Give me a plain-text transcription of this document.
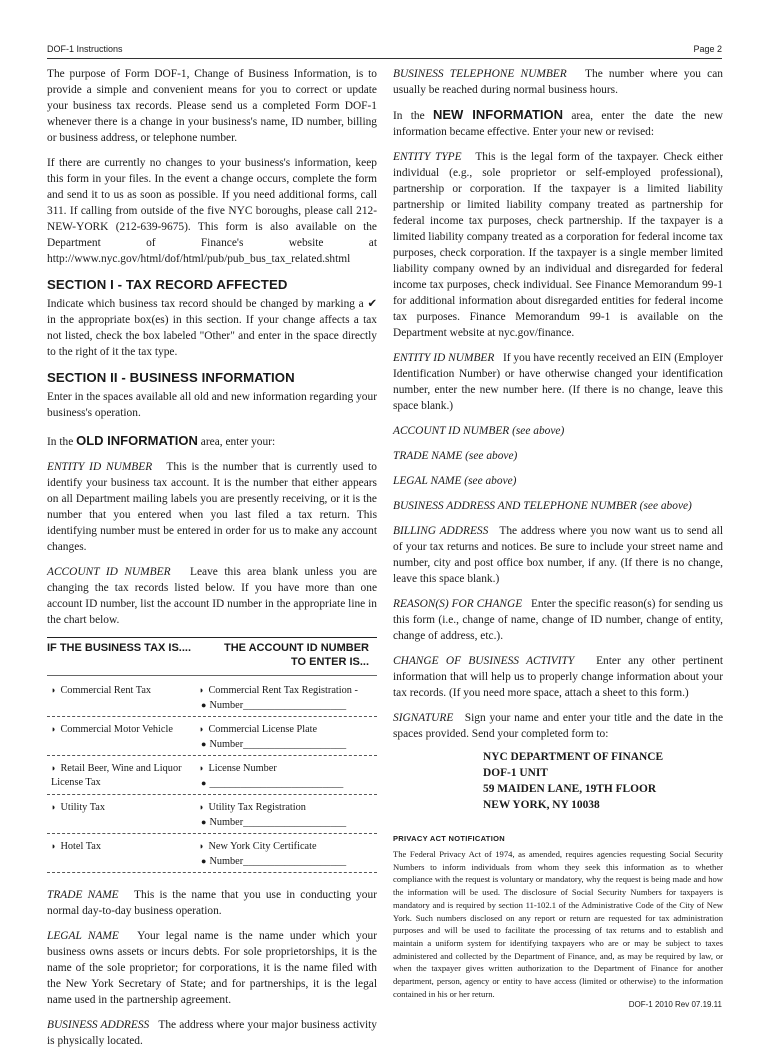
DOF-1 Instructions	Page 2

The purpose of Form DOF-1, Change of Business Information, is to provide a simple and convenient means for you to correct or update your business tax records. Please send us a completed Form DOF-1 whenever there is a change in your business's name, ID number, billing or business address, or telephone number.

If there are currently no changes to your business's information, keep this form in your files. In the event a change occurs, complete the form and send it to us as soon as possible. If you need additional forms, call 311. If calling from outside of the five NYC boroughs, please call 212-NEW-YORK (212-639-9675). This form is also available on the Department of Finance's website at http://www.nyc.gov/html/dof/html/pub/pub_bus_tax_related.shtml

SECTION I - TAX RECORD AFFECTED

Indicate which business tax record should be changed by marking a ✔ in the appropriate box(es) in this section. If your change affects a tax not listed, check the box labeled "Other" and enter in the space directly to the right of it the tax type.

SECTION II - BUSINESS INFORMATION

Enter in the spaces available all old and new information regarding your business's operation.

In the OLD INFORMATION area, enter your:

ENTITY ID NUMBER This is the number that is currently used to identify your business tax account. It is the number that either appears on all Department mailing labels you are presently receiving, or it is the number that you entered when you last filed a tax return. This identifying number must be entered in order for us to make any account changes.

ACCOUNT ID NUMBER Leave this area blank unless you are changing the tax records listed below. If you have more than one account ID number, list the account ID number in the appropriate line in the chart below.

IF THE BUSINESS TAX IS....	THE ACCOUNT ID NUMBER
TO ENTER IS...
◗ Commercial Rent Tax	◗ Commercial Rent Tax Registration -
● Number____________________
◗ Commercial Motor Vehicle	◗ Commercial License Plate
● Number____________________
◗ Retail Beer, Wine and Liquor License Tax
◗ License Number
● __________________________
◗ Utility Tax	◗ Utility Tax Registration
● Number____________________
◗ Hotel Tax	◗ New York City Certificate
● Number____________________

TRADE NAME This is the name that you use in conducting your normal day-to-day business operation.

LEGAL NAME Your legal name is the name under which your business owns assets or incurs debts. For sole proprietorships, it is the name of the sole proprietor; for corporations, it is the name filed with the New York Secretary of State; and for partnerships, it is the legal name used in the partnership agreement.

BUSINESS ADDRESS The address where your major business activity is physically located.

BUSINESS TELEPHONE NUMBER The number where you can usually be reached during normal business hours.

In the NEW INFORMATION area, enter the date the new information became effective. Enter your new or revised:

ENTITY TYPE This is the legal form of the taxpayer. Check either individual (e.g., sole proprietor or self-employed professional), partnership or corporation. If the taxpayer is a limited liability partnership or limited liability company treated as partnership for federal income tax purposes, check partnership. If the taxpayer is a limited liability company treated as a corporation for federal income tax purposes, check corporation. If the taxpayer is a single member limited liability company owned by an individual and disregarded for federal income tax purposes, check individual. See Finance Memorandum 99-1 for additional information about disregarded entities for federal income tax purposes. Finance Memorandum 99-1 is available on the Department website at nyc.gov/finance.

ENTITY ID NUMBER If you have recently received an EIN (Employer Identification Number) or have otherwise changed your identification number, enter the new number here. (If there is no change, leave this space blank.)

ACCOUNT ID NUMBER (see above)

TRADE NAME (see above)

LEGAL NAME (see above)

BUSINESS ADDRESS AND TELEPHONE NUMBER (see above)

BILLING ADDRESS The address where you now want us to send all of your tax returns and notices. Be sure to include your street name and number, city and post office box number, if any. (If there is no change, leave this space blank.)

REASON(S) FOR CHANGE Enter the specific reason(s) for sending us this form (i.e., change of name, change of ID number, change of entity, change of address, etc.).

CHANGE OF BUSINESS ACTIVITY Enter any other pertinent information that will help us to properly change information about your tax records. (If you need more space, attach a sheet to this form.)

SIGNATURE Sign your name and enter your title and the date in the spaces provided. Send your completed form to:

NYC DEPARTMENT OF FINANCE
DOF-1 UNIT
59 MAIDEN LANE, 19TH FLOOR
NEW YORK, NY 10038
PRIVACY ACT NOTIFICATION
The Federal Privacy Act of 1974, as amended, requires agencies requesting Social Security Numbers to inform individuals from whom they seek this information as to whether compliance with the request is voluntary or mandatory, why the request is being made and how the information will be used. The disclosure of Social Security Numbers for taxpayers is mandatory and is required by section 11-102.1 of the Administrative Code of the City of New York. Such numbers disclosed on any report or return are requested for tax administration purposes and will be used to facilitate the processing of tax returns and to establish and maintain a uniform system for identifying taxpayers who are or may be subject to taxes administered and collected by the Department of Finance, and, as may be required by law, or when the taxpayer gives written authorization to the Department of Finance for another department, person, agency or entity to have access (limited or otherwise) to the information contained in his or her return.
DOF-1 2010 Rev 07.19.11
